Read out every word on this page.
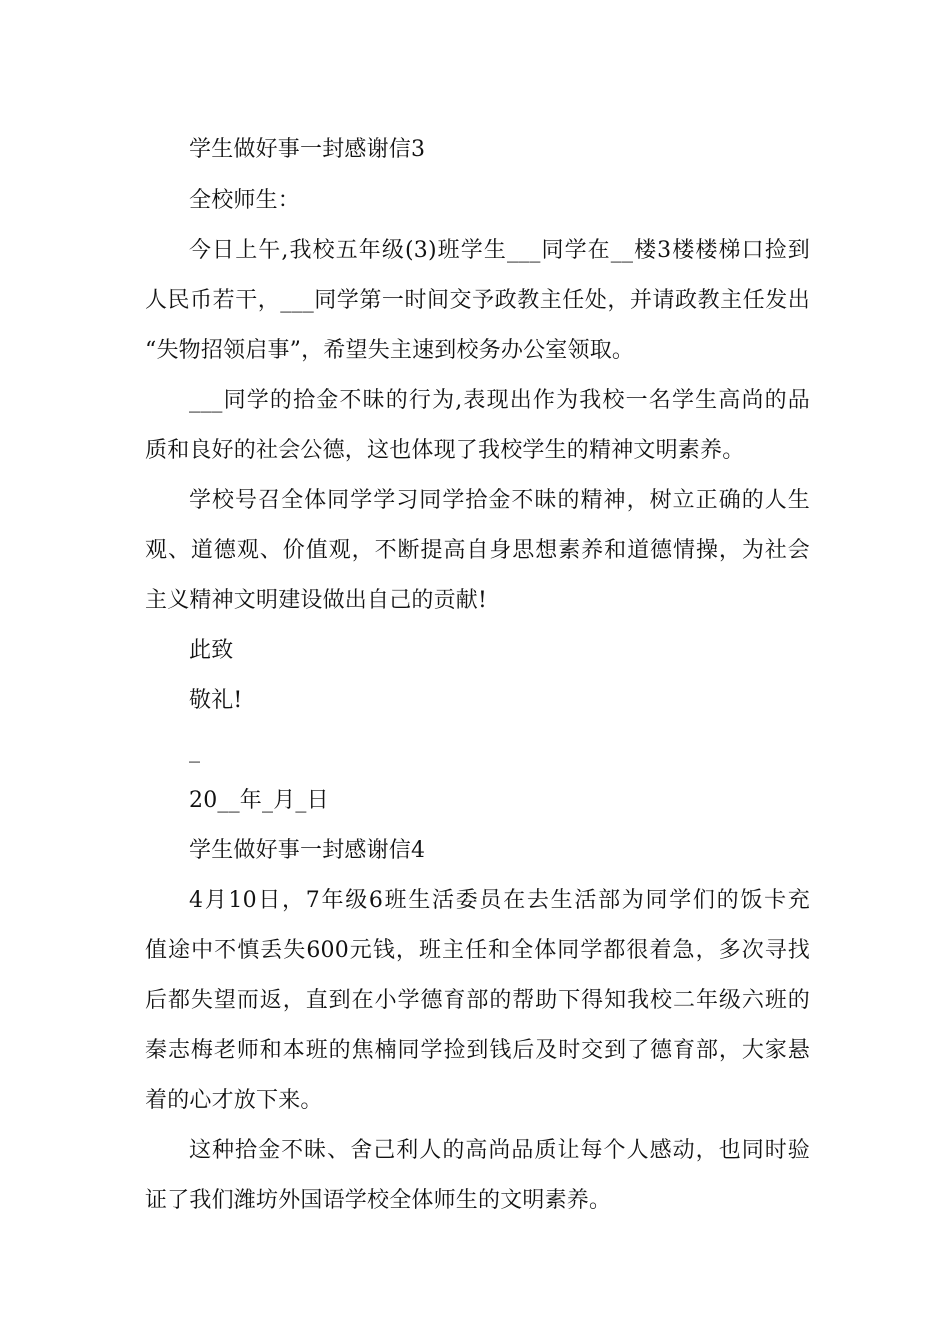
学生做好事一封感谢信3
全校师生：
今日上午,我校五年级(3)班学生___同学在__楼3楼楼梯口捡到
人民币若干，___同学第一时间交予政教主任处，并请政教主任发出
“失物招领启事”，希望失主速到校务办公室领取。
___同学的拾金不昧的行为,表现出作为我校一名学生高尚的品
质和良好的社会公德，这也体现了我校学生的精神文明素养。
学校号召全体同学学习同学拾金不昧的精神，树立正确的人生
观、道德观、价值观，不断提高自身思想素养和道德情操，为社会
主义精神文明建设做出自己的贡献!
此致
敬礼!
_
20__年_月_日
学生做好事一封感谢信4
4月10日，7年级6班生活委员在去生活部为同学们的饭卡充
值途中不慎丢失600元钱，班主任和全体同学都很着急，多次寻找
后都失望而返，直到在小学德育部的帮助下得知我校二年级六班的
秦志梅老师和本班的焦楠同学捡到钱后及时交到了德育部，大家悬
着的心才放下来。
这种拾金不昧、舍己利人的高尚品质让每个人感动，也同时验
证了我们潍坊外国语学校全体师生的文明素养。
